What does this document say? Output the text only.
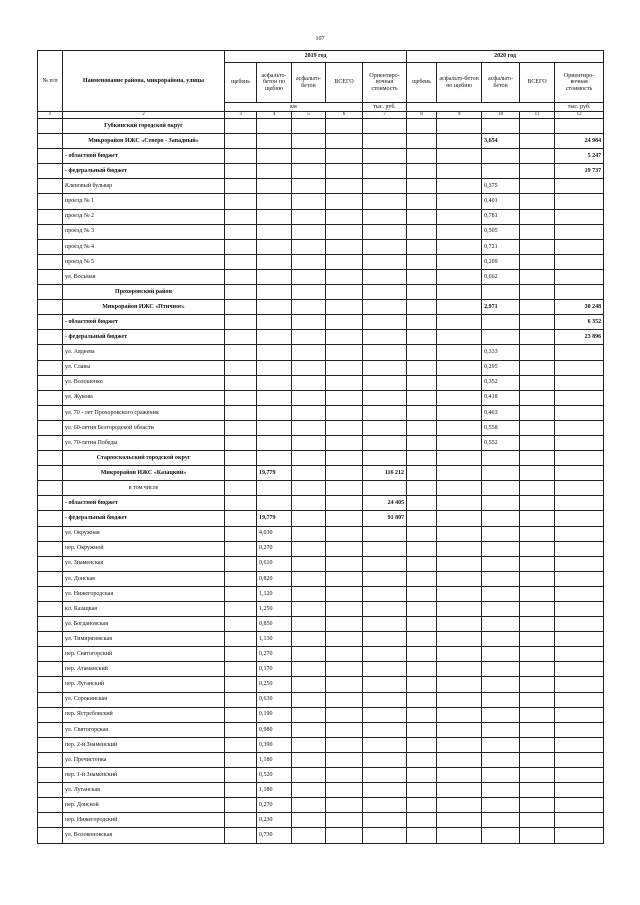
107
№ п/п	Наименование района, микрорайона, улицы	2019 год					2020 год				
		щебень	асфальто-бетон по щебню	асфальто-бетон	ВСЕГО	Ориентиро-вочная стоимость	щебень	асфальто-бетон по щебню	асфальто-бетон	ВСЕГО	Ориентиро-вочная стоимость
		км				тыс. руб.					тыс. руб.
1	2	3	4	5	6	7	8	9	10	11	12
	Губкинский городской округ										
	Микрорайон ИЖС «Северо - Западный»								3,654		24 984
	- областной бюджет										5 247
	- федеральный бюджет										19 737
	Кленовый бульвар								0,375		
	проезд № 1								0,401		
	проезд № 2								0,781		
	проезд № 3								0,505		
	проезд № 4								0,721		
	проезд № 5								0,209		
	ул. Восьмая								0,662		
	Прохоровский район										
	Микрорайон ИЖС «Птичное»								2,971		30 248
	- областной бюджет										6 352
	- федеральный бюджет										23 896
	ул. Авдеева								0,333		
	ул. Славы								0,295		
	ул. Волошенко								0,352		
	ул. Жукова								0,418		
	ул. 70 - лет Прохоровского сражения								0,463		
	ул. 60-летия Белгородской области								0,558		
	ул. 70-летия Победы								0,552		
	Старооскольский городской округ										
	Микрорайон ИЖС «Казацкий»		19,779			116 212					
	в том числе										
	- областной бюджет					24 405					
	- федеральный бюджет		19,779			91 807					
	ул. Окружная		4,030								
	пер. Окружной		0,270								
	ул. Знаменская		0,610								
	ул. Донская		0,820								
	ул. Нижегородская		1,120								
	кл. Казацкая		1,250								
	ул. Богдановская		0,850								
	ул. Тимирязевская		1,130								
	пер. Святогорский		0,270								
	пер. Атаманский		0,170								
	пер. Луганский		0,250								
	ул. Сорокинская		0,630								
	пер. Ястребовский		0,190								
	ул. Святогорская		0,980								
	пер. 2-й Знаменский		0,390								
	ул. Пречистенка		1,180								
	пер. 1-й Знаменский		0,520								
	ул. Луганская		1,180								
	пер. Донской		0,270								
	пер. Нижегородский		0,230								
	ул. Волоконовская		0,730								
